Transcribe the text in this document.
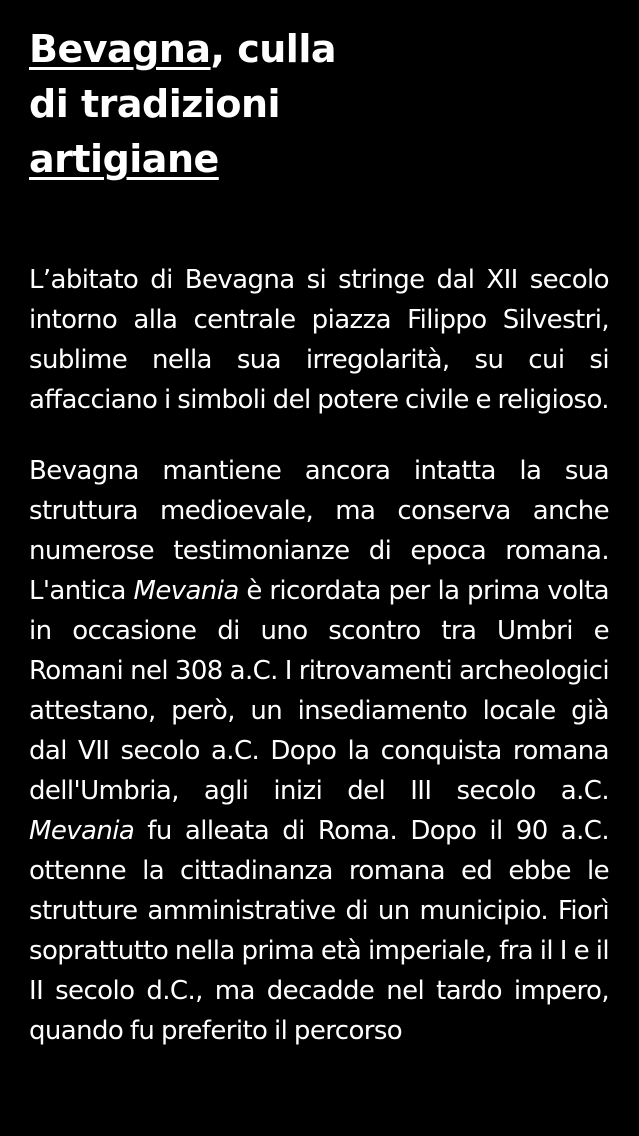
Bevagna, culla
di tradizioni
artigiane

L’abitato di Bevagna si stringe dal XII secolo intorno alla centrale piazza Filippo Silvestri, sublime nella sua irregolarità, su cui si affacciano i simboli del potere civile e religioso.

Bevagna mantiene ancora intatta la sua struttura medioevale, ma conserva anche numerose testimonianze di epoca romana. L'antica Mevania è ricordata per la prima volta in occasione di uno scontro tra Umbri e Romani nel 308 a.C. I ritrovamenti archeologici attestano, però, un insediamento locale già dal VII secolo a.C. Dopo la conquista romana dell'Umbria, agli inizi del III secolo a.C. Mevania fu alleata di Roma. Dopo il 90 a.C. ottenne la cittadinanza romana ed ebbe le strutture amministrative di un municipio. Fiorì soprattutto nella prima età imperiale, fra il I e il II secolo d.C., ma decadde nel tardo impero, quando fu preferito il percorso
